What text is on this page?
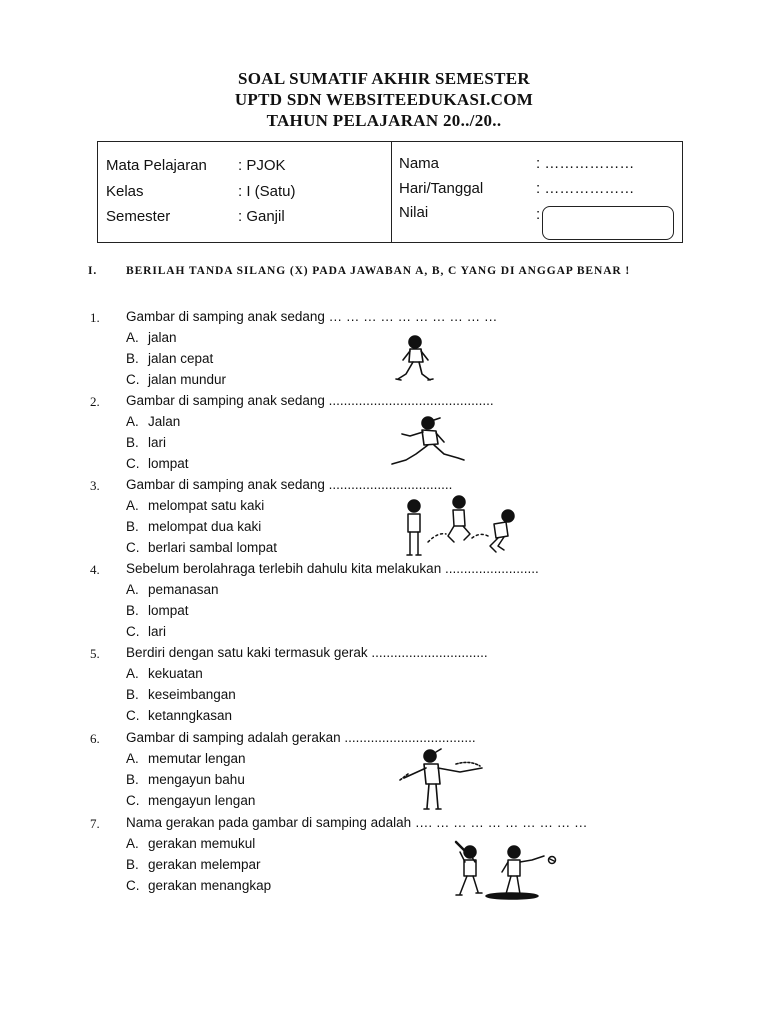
SOAL SUMATIF AKHIR SEMESTER
UPTD SDN WEBSITEEDUKASI.COM
TAHUN PELAJARAN 20../20..
Mata Pelajaran : PJOK
Kelas	: I (Satu)
Semester	: Ganjil
Nama	: ………………
Hari/Tanggal	: ………………
Nilai	:
I.	BERILAH TANDA SILANG (X) PADA JAWABAN A, B, C YANG DI ANGGAP BENAR !
1. Gambar di samping anak sedang … … … … … … … … … …
A. jalan
B. jalan cepat
C. jalan mundur
2. Gambar di samping anak sedang ............................................
A. Jalan
B. lari
C. lompat
3. Gambar di samping anak sedang .................................
A. melompat satu kaki
B. melompat dua kaki
C. berlari sambal lompat
4. Sebelum berolahraga terlebih dahulu kita melakukan .........................
A. pemanasan
B. lompat
C. lari
5. Berdiri dengan satu kaki termasuk gerak ...............................
A. kekuatan
B. keseimbangan
C. ketanngkasan
6. Gambar di samping adalah gerakan ...................................
A. memutar lengan
B. mengayun bahu
C. mengayun lengan
7. Nama gerakan pada gambar di samping adalah …. … … … … … … … … …
A. gerakan memukul
B. gerakan melempar
C. gerakan menangkap
